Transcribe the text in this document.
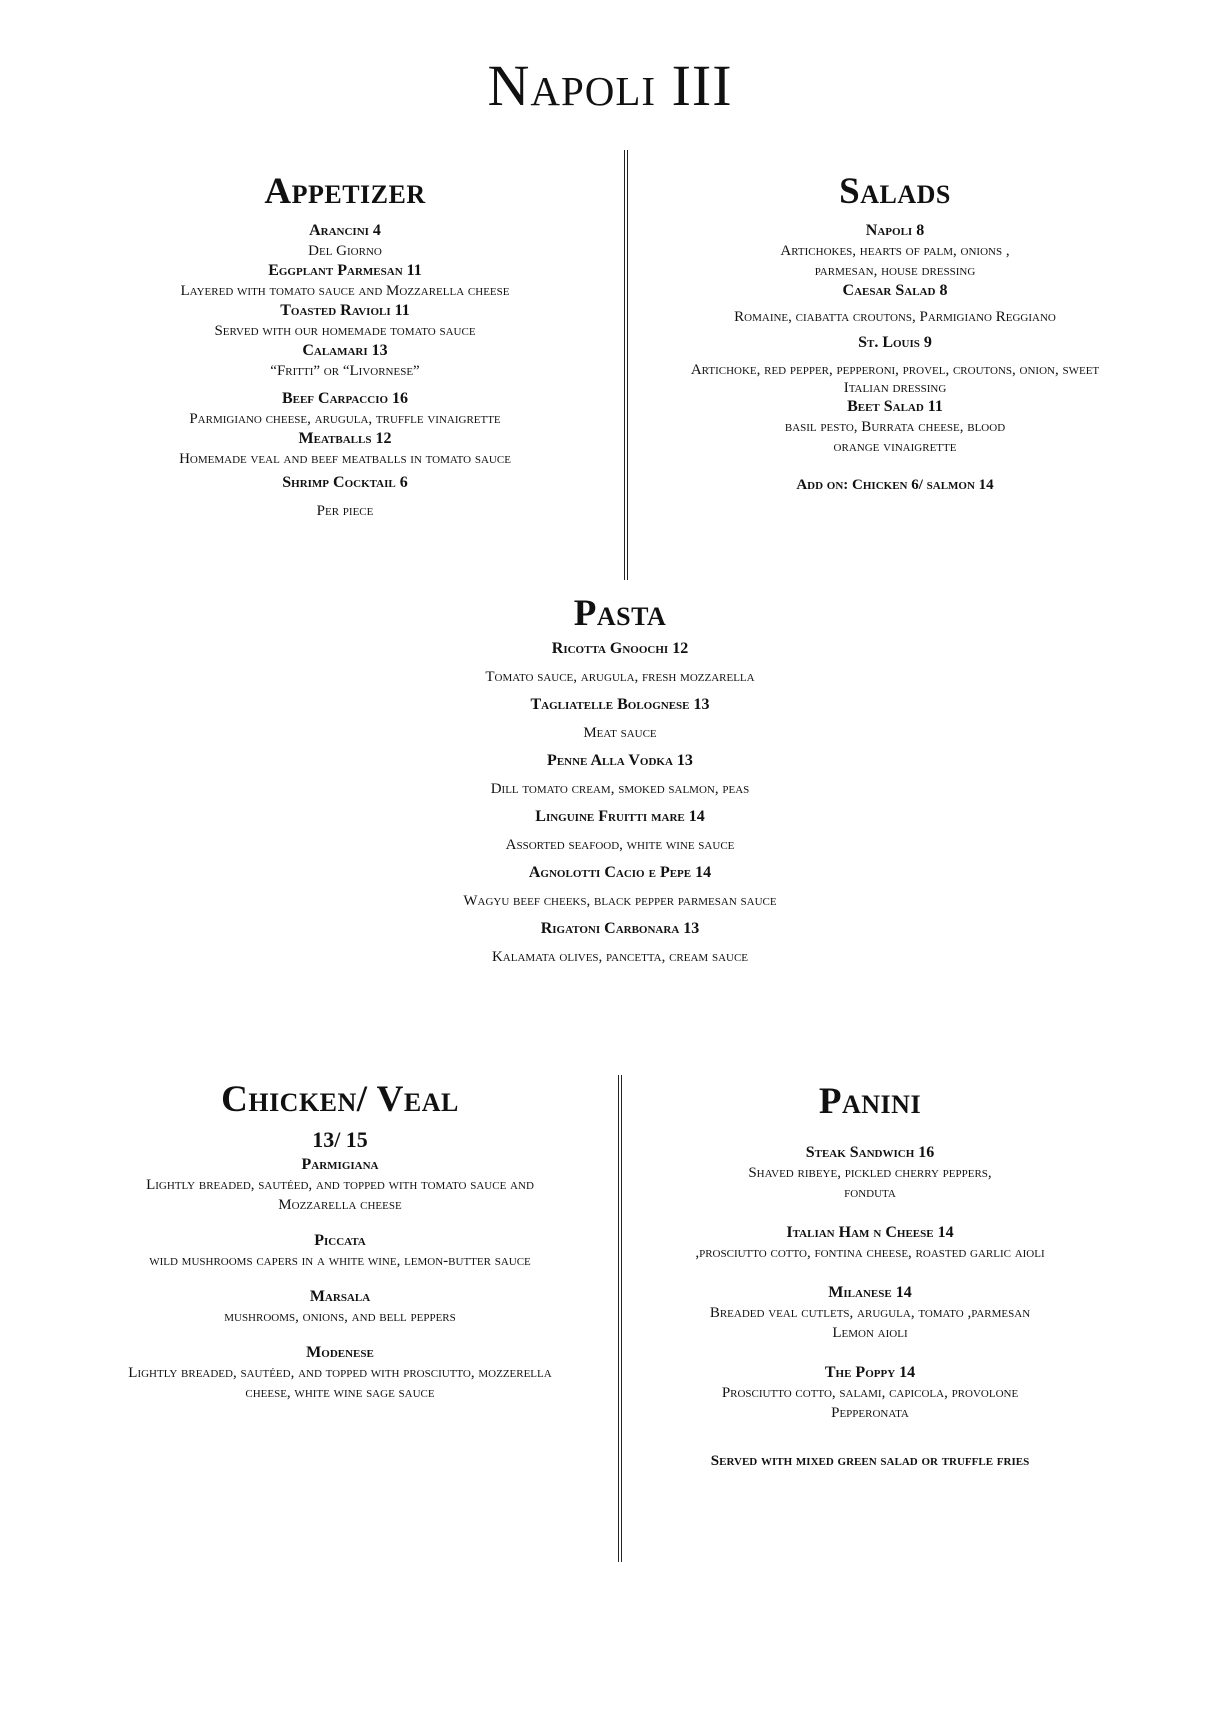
Napoli III
Appetizer

Arancini 4

Del Giorno

Eggplant Parmesan 11

Layered with tomato sauce and Mozzarella cheese

Toasted Ravioli 11

Served with our homemade tomato sauce

Calamari 13

“Fritti” or “Livornese”

Beef Carpaccio 16

Parmigiano cheese, arugula, truffle vinaigrette

Meatballs 12

Homemade veal and beef meatballs in tomato sauce

Shrimp Cocktail 6

Per piece

Salads

Napoli 8

Artichokes, hearts of palm, onions ,

parmesan, house dressing

Caesar Salad 8

Romaine, ciabatta croutons, Parmigiano Reggiano

St. Louis 9

Artichoke, red pepper, pepperoni, provel, croutons, onion, sweet

Italian dressing

Beet Salad 11

basil pesto, Burrata cheese, blood

orange vinaigrette

Add on: Chicken 6/ salmon 14

Pasta

Ricotta Gnoochi 12

Tomato sauce, arugula, fresh mozzarella

Tagliatelle Bolognese 13

Meat sauce

Penne Alla Vodka 13

Dill tomato cream, smoked salmon, peas

Linguine Fruitti mare 14

Assorted seafood, white wine sauce

Agnolotti Cacio e Pepe 14

Wagyu beef cheeks, black pepper parmesan sauce

Rigatoni Carbonara 13

Kalamata olives, pancetta, cream sauce

Chicken/ Veal

13/ 15

Parmigiana

Lightly breaded, sautéed, and topped with tomato sauce and

Mozzarella cheese

Piccata

wild mushrooms capers in a white wine, lemon-butter sauce

Marsala

mushrooms, onions, and bell peppers

Modenese

Lightly breaded, sautéed, and topped with prosciutto, mozzerella

cheese, white wine sage sauce

Panini

Steak Sandwich 16

Shaved ribeye, pickled cherry peppers,

fonduta

Italian Ham n Cheese 14

,prosciutto cotto, fontina cheese, roasted garlic aioli

Milanese 14

Breaded veal cutlets, arugula, tomato ,parmesan

Lemon aioli

The Poppy 14

Prosciutto cotto, salami, capicola, provolone

Pepperonata

Served with mixed green salad or truffle fries
